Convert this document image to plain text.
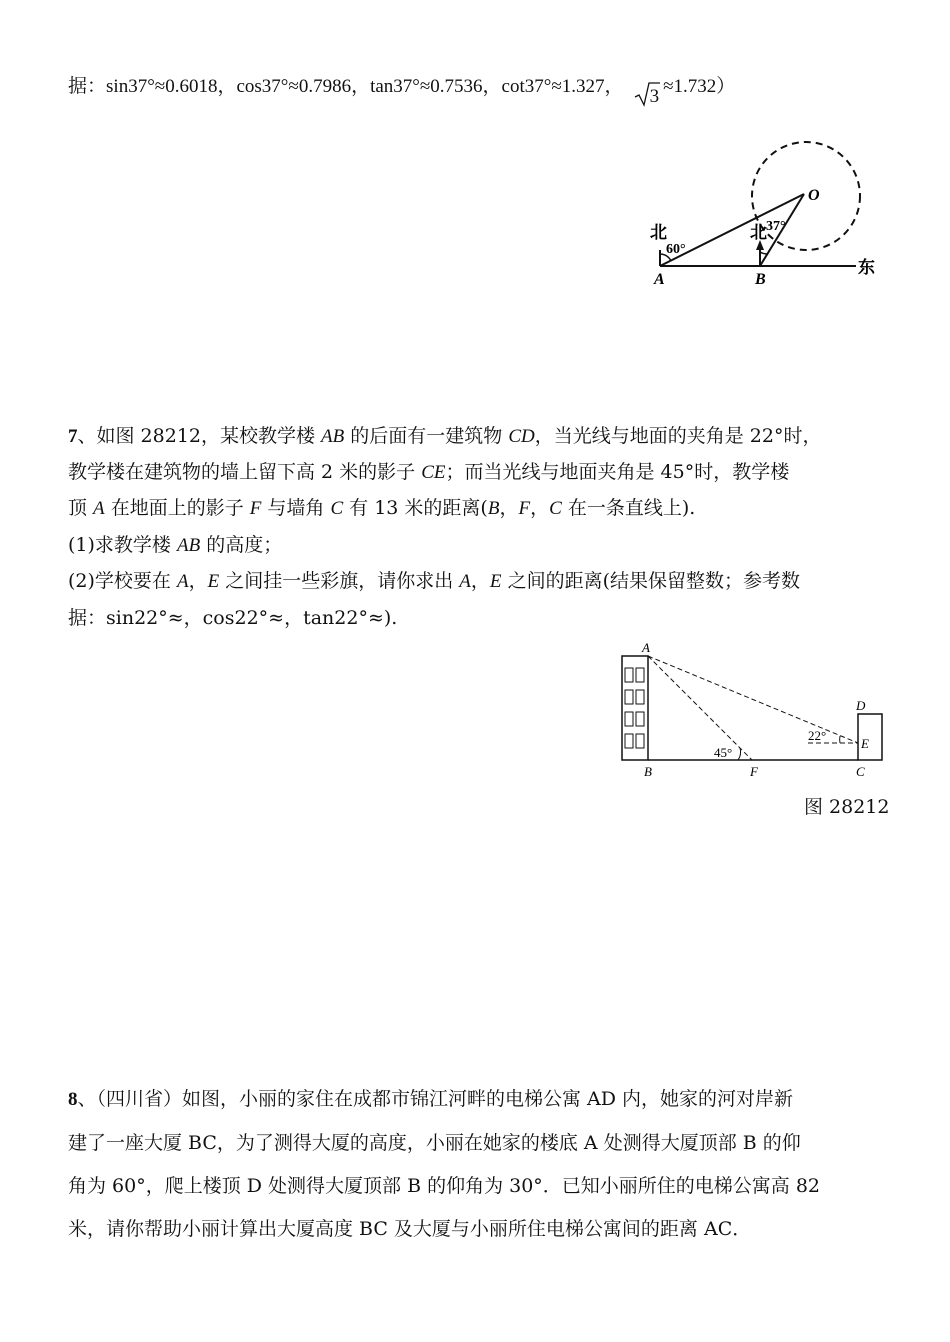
据：sin37°≈0.6018，cos37°≈0.7986，tan37°≈0.7536，cot37°≈1.327， 3 ≈1.732）
北
60°
北 37°
O
A	B
东
7、如图 28212，某校教学楼 AB 的后面有一建筑物 CD，当光线与地面的夹角是 22°时，
教学楼在建筑物的墙上留下高 2 米的影子 CE；而当光线与地面夹角是 45°时，教学楼
顶 A 在地面上的影子 F 与墙角 C 有 13 米的距离(B，F，C 在一条直线上).
(1)求教学楼 AB 的高度；
(2)学校要在 A，E 之间挂一些彩旗，请你求出 A，E 之间的距离(结果保留整数；参考数
据：sin22°≈，cos22°≈，tan22°≈).
A
B	F	C
D
E
45°
22°
图 28212
8、（四川省）如图，小丽的家住在成都市锦江河畔的电梯公寓 AD 内，她家的河对岸新
建了一座大厦 BC，为了测得大厦的高度，小丽在她家的楼底 A 处测得大厦顶部 B 的仰
角为 60°，爬上楼顶 D 处测得大厦顶部 B 的仰角为 30°．已知小丽所住的电梯公寓高 82
米，请你帮助小丽计算出大厦高度 BC 及大厦与小丽所住电梯公寓间的距离 AC．
